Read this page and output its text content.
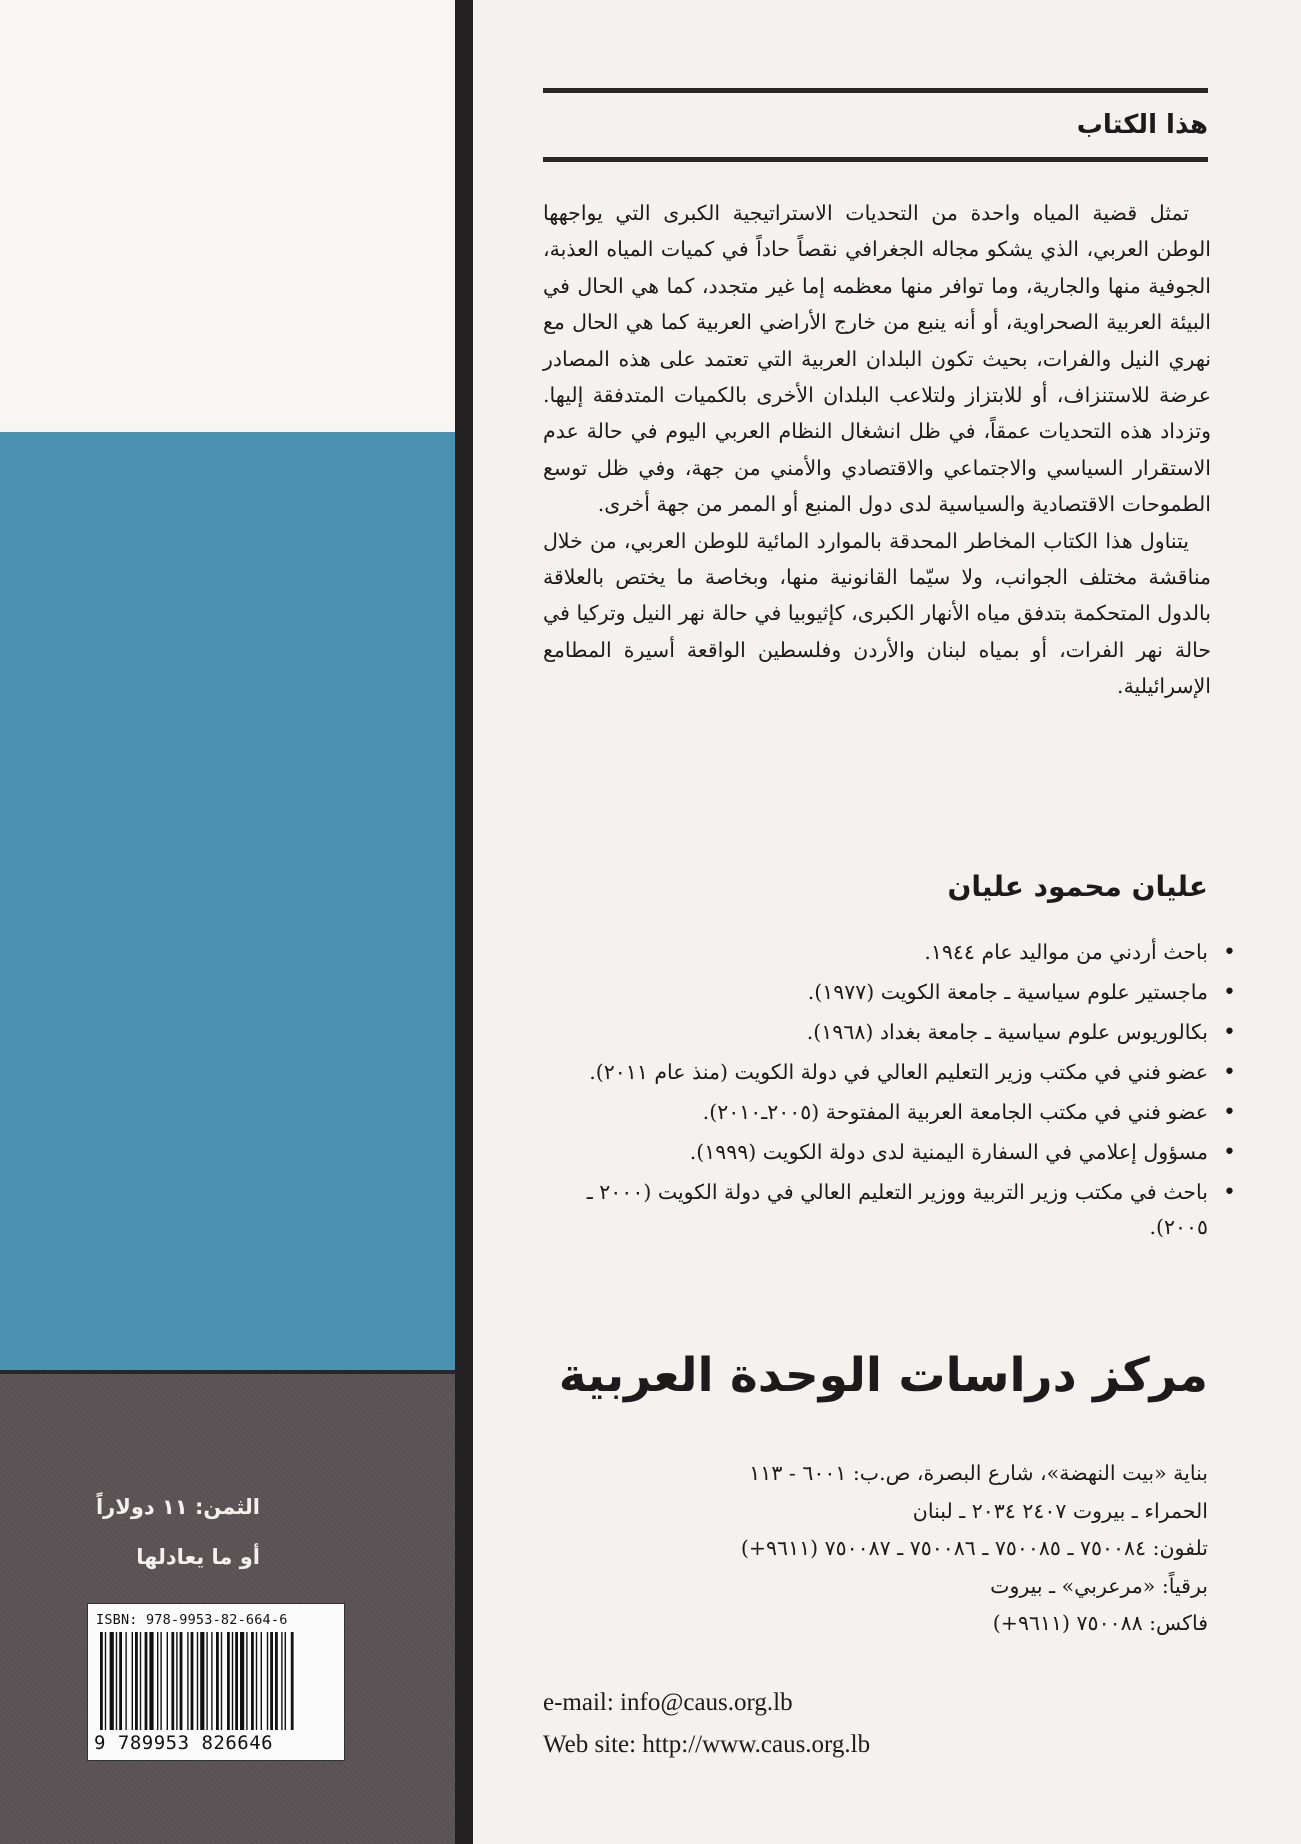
الثمن: ١١ دولاراً
أو ما يعادلها
ISBN: 978-9953-82-664-6
9 789953 826646
هذا الكتاب

تمثل قضية المياه واحدة من التحديات الاستراتيجية الكبرى التي يواجهها الوطن العربي، الذي يشكو مجاله الجغرافي نقصاً حاداً في كميات المياه العذبة، الجوفية منها والجارية، وما توافر منها معظمه إما غير متجدد، كما هي الحال في البيئة العربية الصحراوية، أو أنه ينبع من خارج الأراضي العربية كما هي الحال مع نهري النيل والفرات، بحيث تكون البلدان العربية التي تعتمد على هذه المصادر عرضة للاستنزاف، أو للابتزاز ولتلاعب البلدان الأخرى بالكميات المتدفقة إليها. وتزداد هذه التحديات عمقاً، في ظل انشغال النظام العربي اليوم في حالة عدم الاستقرار السياسي والاجتماعي والاقتصادي والأمني من جهة، وفي ظل توسع الطموحات الاقتصادية والسياسية لدى دول المنبع أو الممر من جهة أخرى.

يتناول هذا الكتاب المخاطر المحدقة بالموارد المائية للوطن العربي، من خلال مناقشة مختلف الجوانب، ولا سيّما القانونية منها، وبخاصة ما يختص بالعلاقة بالدول المتحكمة بتدفق مياه الأنهار الكبرى، كإثيوبيا في حالة نهر النيل وتركيا في حالة نهر الفرات، أو بمياه لبنان والأردن وفلسطين الواقعة أسيرة المطامع الإسرائيلية.

عليان محمود عليان
• باحث أردني من مواليد عام ١٩٤٤.
• ماجستير علوم سياسية ـ جامعة الكويت (١٩٧٧).
• بكالوريوس علوم سياسية ـ جامعة بغداد (١٩٦٨).
• عضو فني في مكتب وزير التعليم العالي في دولة الكويت (منذ عام ٢٠١١).
• عضو فني في مكتب الجامعة العربية المفتوحة (٢٠٠٥ـ٢٠١٠).
• مسؤول إعلامي في السفارة اليمنية لدى دولة الكويت (١٩٩٩).
• باحث في مكتب وزير التربية ووزير التعليم العالي في دولة الكويت (٢٠٠٠ ـ ٢٠٠٥).
مركز دراسات الوحدة العربية
بناية «بيت النهضة»، شارع البصرة، ص.ب: ٦٠٠١ - ١١٣
الحمراء ـ بيروت ٢٤٠٧ ٢٠٣٤ ـ لبنان
تلفون: ٧٥٠٠٨٤ ـ ٧٥٠٠٨٥ ـ ٧٥٠٠٨٦ ـ ٧٥٠٠٨٧ (٩٦١١+)
برقياً: «مرعربي» ـ بيروت
فاكس: ٧٥٠٠٨٨ (٩٦١١+)
e-mail: info@caus.org.lb
Web site: http://www.caus.org.lb
